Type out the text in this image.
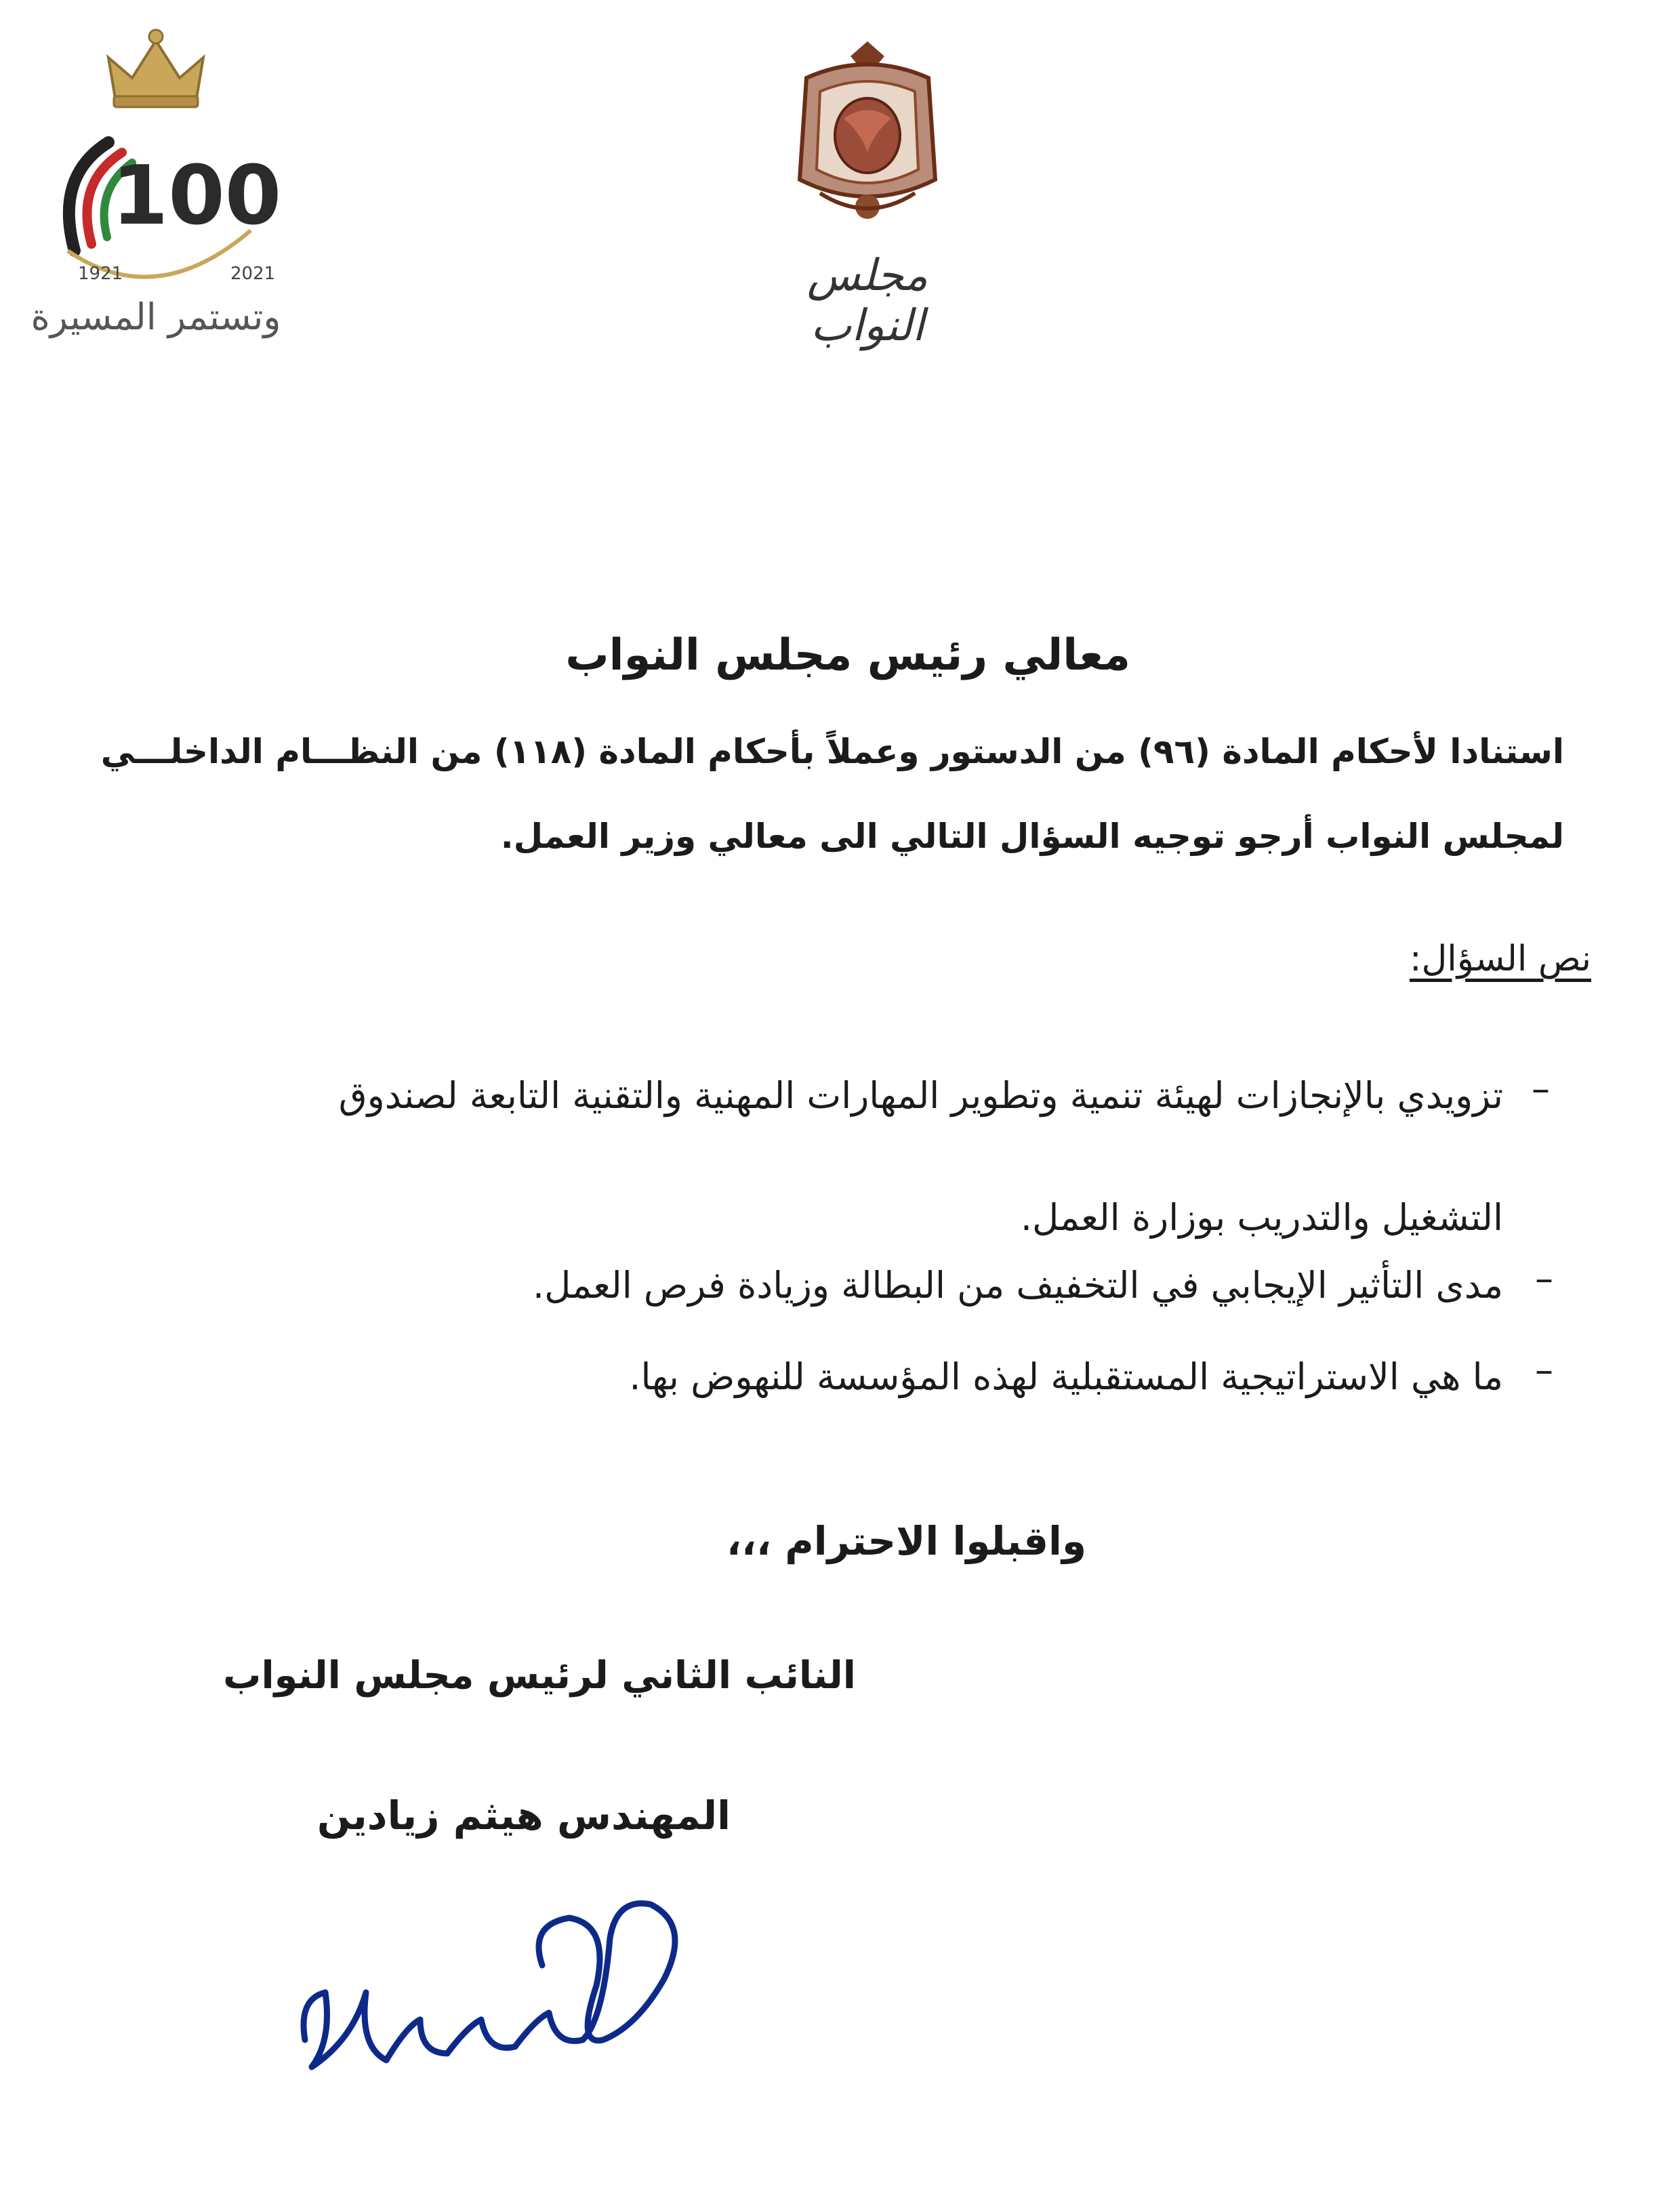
100
1921	2021
وتستمر المسيرة
مجلس النواب
معالي رئيس مجلس النواب
استنادا لأحكام المادة (٩٦) من الدستور وعملاً بأحكام المادة (١١٨) من النظـــام الداخلـــي
لمجلس النواب أرجو توجيه السؤال التالي الى معالي وزير العمل.
نص السؤال:
–
تزويدي بالإنجازات لهيئة تنمية وتطوير المهارات المهنية والتقنية التابعة لصندوق
التشغيل والتدريب بوزارة العمل.
–
مدى التأثير الإيجابي في التخفيف من البطالة وزيادة فرص العمل.
–
ما هي الاستراتيجية المستقبلية لهذه المؤسسة للنهوض بها.
واقبلوا الاحترام ،،،
النائب الثاني لرئيس مجلس النواب
المهندس هيثم زيادين
